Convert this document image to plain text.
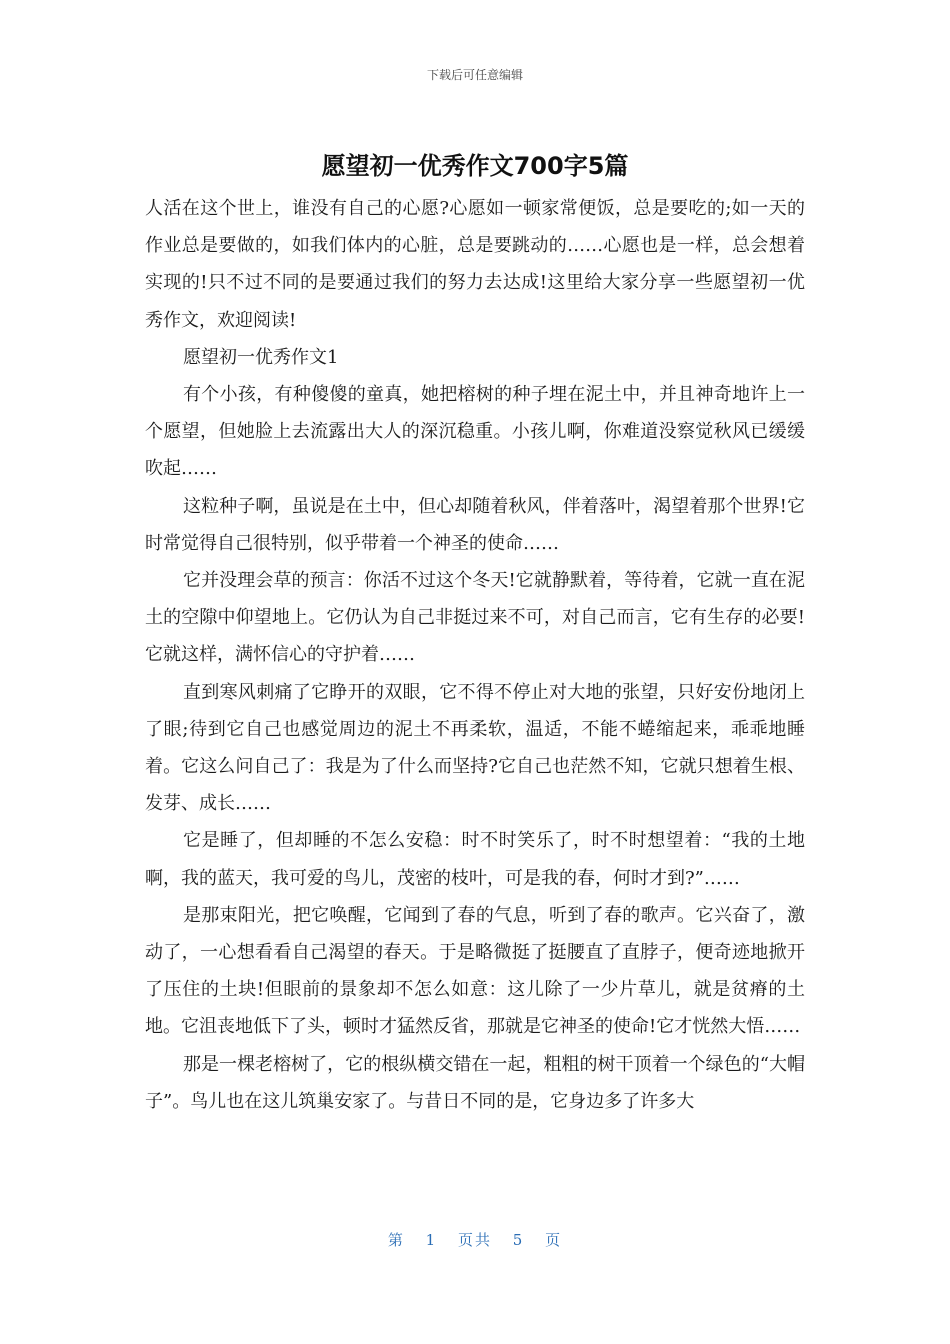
下载后可任意编辑
愿望初一优秀作文700字5篇

人活在这个世上，谁没有自己的心愿?心愿如一顿家常便饭，总是要吃的;如一天的作业总是要做的，如我们体内的心脏，总是要跳动的……心愿也是一样，总会想着实现的!只不过不同的是要通过我们的努力去达成!这里给大家分享一些愿望初一优秀作文，欢迎阅读!

愿望初一优秀作文1

有个小孩，有种傻傻的童真，她把榕树的种子埋在泥土中，并且神奇地许上一个愿望，但她脸上去流露出大人的深沉稳重。小孩儿啊，你难道没察觉秋风已缓缓吹起……

这粒种子啊，虽说是在土中，但心却随着秋风，伴着落叶，渴望着那个世界!它时常觉得自己很特别，似乎带着一个神圣的使命……

它并没理会草的预言：你活不过这个冬天!它就静默着，等待着，它就一直在泥土的空隙中仰望地上。它仍认为自己非挺过来不可，对自己而言，它有生存的必要!它就这样，满怀信心的守护着……

直到寒风刺痛了它睁开的双眼，它不得不停止对大地的张望，只好安份地闭上了眼;待到它自己也感觉周边的泥土不再柔软，温适，不能不蜷缩起来，乖乖地睡着。它这么问自己了：我是为了什么而坚持?它自己也茫然不知，它就只想着生根、发芽、成长……

它是睡了，但却睡的不怎么安稳：时不时笑乐了，时不时想望着：“我的土地啊，我的蓝天，我可爱的鸟儿，茂密的枝叶，可是我的春，何时才到?”……

是那束阳光，把它唤醒，它闻到了春的气息，听到了春的歌声。它兴奋了，激动了，一心想看看自己渴望的春天。于是略微挺了挺腰直了直脖子，便奇迹地掀开了压住的土块!但眼前的景象却不怎么如意：这儿除了一少片草儿，就是贫瘠的土地。它沮丧地低下了头，顿时才猛然反省，那就是它神圣的使命!它才恍然大悟……

那是一棵老榕树了，它的根纵横交错在一起，粗粗的树干顶着一个绿色的“大帽子”。鸟儿也在这儿筑巢安家了。与昔日不同的是，它身边多了许多大

第 1 页共 5 页
